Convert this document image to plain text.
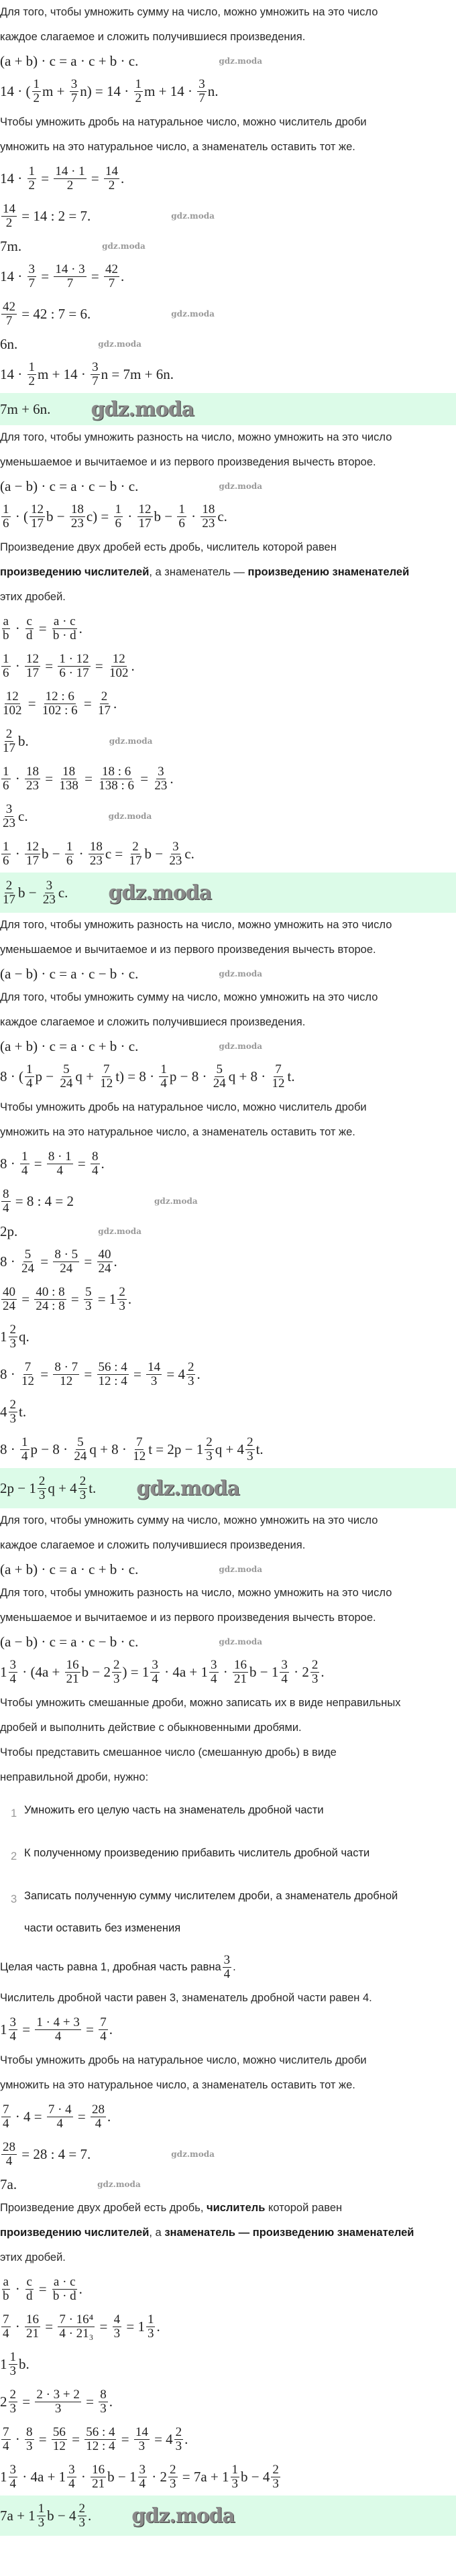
Для того, чтобы умножить сумму на число, можно умножить на это число
каждое слагаемое и сложить получившиеся произведения.
(a + b) · c = a · c + b · c.	gdz.moda
14 · ( $\frac{1}{2}$ $m + \frac{3}{7} n) = 14 \cdot \frac{1}{2}$ $m + 14 \cdot \frac{3}{7} n$.
Чтобы умножить дробь на натуральное число, можно числитель дроби
умножить на это натуральное число, а знаменатель оставить тот же.
$14 \cdot \frac{1}{2} = \frac{14 \cdot 1}{2} = \frac{14}{2}$ .
$\frac{14}{2} = 14$ : 2 = 7.	gdz.moda
7m.	gdz.moda
$14 \cdot \frac{3}{7} = \frac{14 \cdot 3}{7} = \frac{42}{7}$ .
$\frac{42}{7} = 42$ : 7 = 6.	gdz.moda
6n.	gdz.moda
$14 \cdot \frac{1}{2}$ $m + 14 \cdot \frac{3}{7}$ n = 7m + 6n.
7m + 6n. gdz.moda
Для того, чтобы умножить разность на число, можно умножить на это число
уменьшаемое и вычитаемое и из первого произведения вычесть второе.
(a − b) · c = a · c − b · c.	gdz.moda
$\frac{1}{6}$ · ( $\frac{12}{17}$ $b - \frac{18}{23} c) = \frac{1}{6} \cdot \frac{12}{17}$ $b - \frac{1}{6} \cdot \frac{18}{23} c$.
Произведение двух дробей есть дробь, числитель которой равен
произведению числителей, а знаменатель — произведению знаменателей
этих дробей.
$\frac{a}{b} \cdot \frac{c}{d} = \frac{a \cdot c}{b \cdot d}$ .
$\frac{1}{6} \cdot \frac{12}{17} = \frac{1 \cdot 12}{6 \cdot 17} = \frac{12}{102}$ .
$\frac{12}{102} = \frac{12 : 6}{102 : 6} = \frac{2}{17}$ .
$\frac{2}{17} b$.	gdz.moda
$\frac{1}{6} \cdot \frac{18}{23} = \frac{18}{138} = \frac{18 : 6}{138 : 6} = \frac{3}{23}$ .
$\frac{3}{23} c$.	gdz.moda
$\frac{1}{6} \cdot \frac{12}{17}$ $b - \frac{1}{6} \cdot \frac{18}{23}$ $c = \frac{2}{17}$ $b - \frac{3}{23} c$.
$\frac{2}{17}$ $b - \frac{3}{23} c$. gdz.moda
Для того, чтобы умножить разность на число, можно умножить на это число
уменьшаемое и вычитаемое и из первого произведения вычесть второе.
(a − b) · c = a · c − b · c.	gdz.moda
Для того, чтобы умножить сумму на число, можно умножить на это число
каждое слагаемое и сложить получившиеся произведения.
(a + b) · c = a · c + b · c.	gdz.moda
8 · ( $\frac{1}{4}$ $p - \frac{5}{24}$ $q + \frac{7}{12} t) = 8 \cdot \frac{1}{4}$ $p - 8 \cdot \frac{5}{24}$ $q + 8 \cdot \frac{7}{12} t$.
Чтобы умножить дробь на натуральное число, можно числитель дроби
умножить на это натуральное число, а знаменатель оставить тот же.
$8 \cdot \frac{1}{4} = \frac{8 \cdot 1}{4} = \frac{8}{4}$ .
$\frac{8}{4} = 8$ : 4 = 2	gdz.moda
2p.	gdz.moda
$8 \cdot \frac{5}{24} = \frac{8 \cdot 5}{24} = \frac{40}{24}$ .
$\frac{40}{24} = \frac{40 : 8}{24 : 8} = \frac{5}{3} = 1 \frac{2}{3}$ .
$1 \frac{2}{3} q$.
$8 \cdot \frac{7}{12} = \frac{8 \cdot 7}{12} = \frac{56 : 4}{12 : 4} = \frac{14}{3} = 4 \frac{2}{3}$ .
$4 \frac{2}{3} t$.
$8 \cdot \frac{1}{4}$ $p - 8 \cdot \frac{5}{24}$ $q + 8 \cdot \frac{7}{12}$ $t = 2p - 1 \frac{2}{3}$ $q + 4 \frac{2}{3} t$.
$2p - 1 \frac{2}{3}$ $q + 4 \frac{2}{3} t$. gdz.moda
Для того, чтобы умножить сумму на число, можно умножить на это число
каждое слагаемое и сложить получившиеся произведения.
(a + b) · c = a · c + b · c.	gdz.moda
Для того, чтобы умножить разность на число, можно умножить на это число
уменьшаемое и вычитаемое и из первого произведения вычесть второе.
(a − b) · c = a · c − b · c.	gdz.moda
$1 \frac{3}{4} \cdot (4a + \frac{16}{21}$ $b - 2 \frac{2}{3}$ ) = $1 \frac{3}{4} \cdot 4a + 1 \frac{3}{4} \cdot \frac{16}{21}$ $b - 1 \frac{3}{4} \cdot 2 \frac{2}{3}$ .
Чтобы умножить смешанные дроби, можно записать их в виде неправильных
дробей и выполнить действие с обыкновенными дробями.
Чтобы представить смешанное число (смешанную дробь) в виде
неправильной дроби, нужно:
1 Умножить его целую часть на знаменатель дробной части
2 К полученному произведению прибавить числитель дробной части
3 Записать полученную сумму числителем дроби, а знаменатель дробной
части оставить без изменения
Целая часть равна 1, дробная часть равна $\frac{3}{4}$ .
Числитель дробной части равен 3, знаменатель дробной части равен 4.
$1 \frac{3}{4} = \frac{1 \cdot 4 + 3}{4} = \frac{7}{4}$ .
Чтобы умножить дробь на натуральное число, можно числитель дроби
умножить на это натуральное число, а знаменатель оставить тот же.
$\frac{7}{4} \cdot 4 = \frac{7 \cdot 4}{4} = \frac{28}{4}$ .
$\frac{28}{4} = 28$ : 4 = 7.	gdz.moda
7a.	gdz.moda
Произведение двух дробей есть дробь, числитель которой равен
произведению числителей, а знаменатель — произведению знаменателей
этих дробей.
$\frac{a}{b} \cdot \frac{c}{d} = \frac{a \cdot c}{b \cdot d}$ .
$\frac{7}{4} \cdot \frac{16}{21} = \frac{\text{7 · 16⁴}}{\text{4 · 21₃}} = \frac{4}{3} = 1 \frac{1}{3}$ .
$1 \frac{1}{3} b$.
$2 \frac{2}{3} = \frac{2 \cdot 3 + 2}{3} = \frac{8}{3}$ .
$\frac{7}{4} \cdot \frac{8}{3} = \frac{56}{12} = \frac{56 : 4}{12 : 4} = \frac{14}{3} = 4 \frac{2}{3}$ .
$1 \frac{3}{4} \cdot 4a + 1 \frac{3}{4} \cdot \frac{16}{21}$ $b - 1 \frac{3}{4} \cdot 2 \frac{2}{3} = 7a + 1 \frac{1}{3}$ $b - 4 \frac{2}{3}$
$7a + 1 \frac{1}{3}$ $b - 4 \frac{2}{3}$ . gdz.moda
